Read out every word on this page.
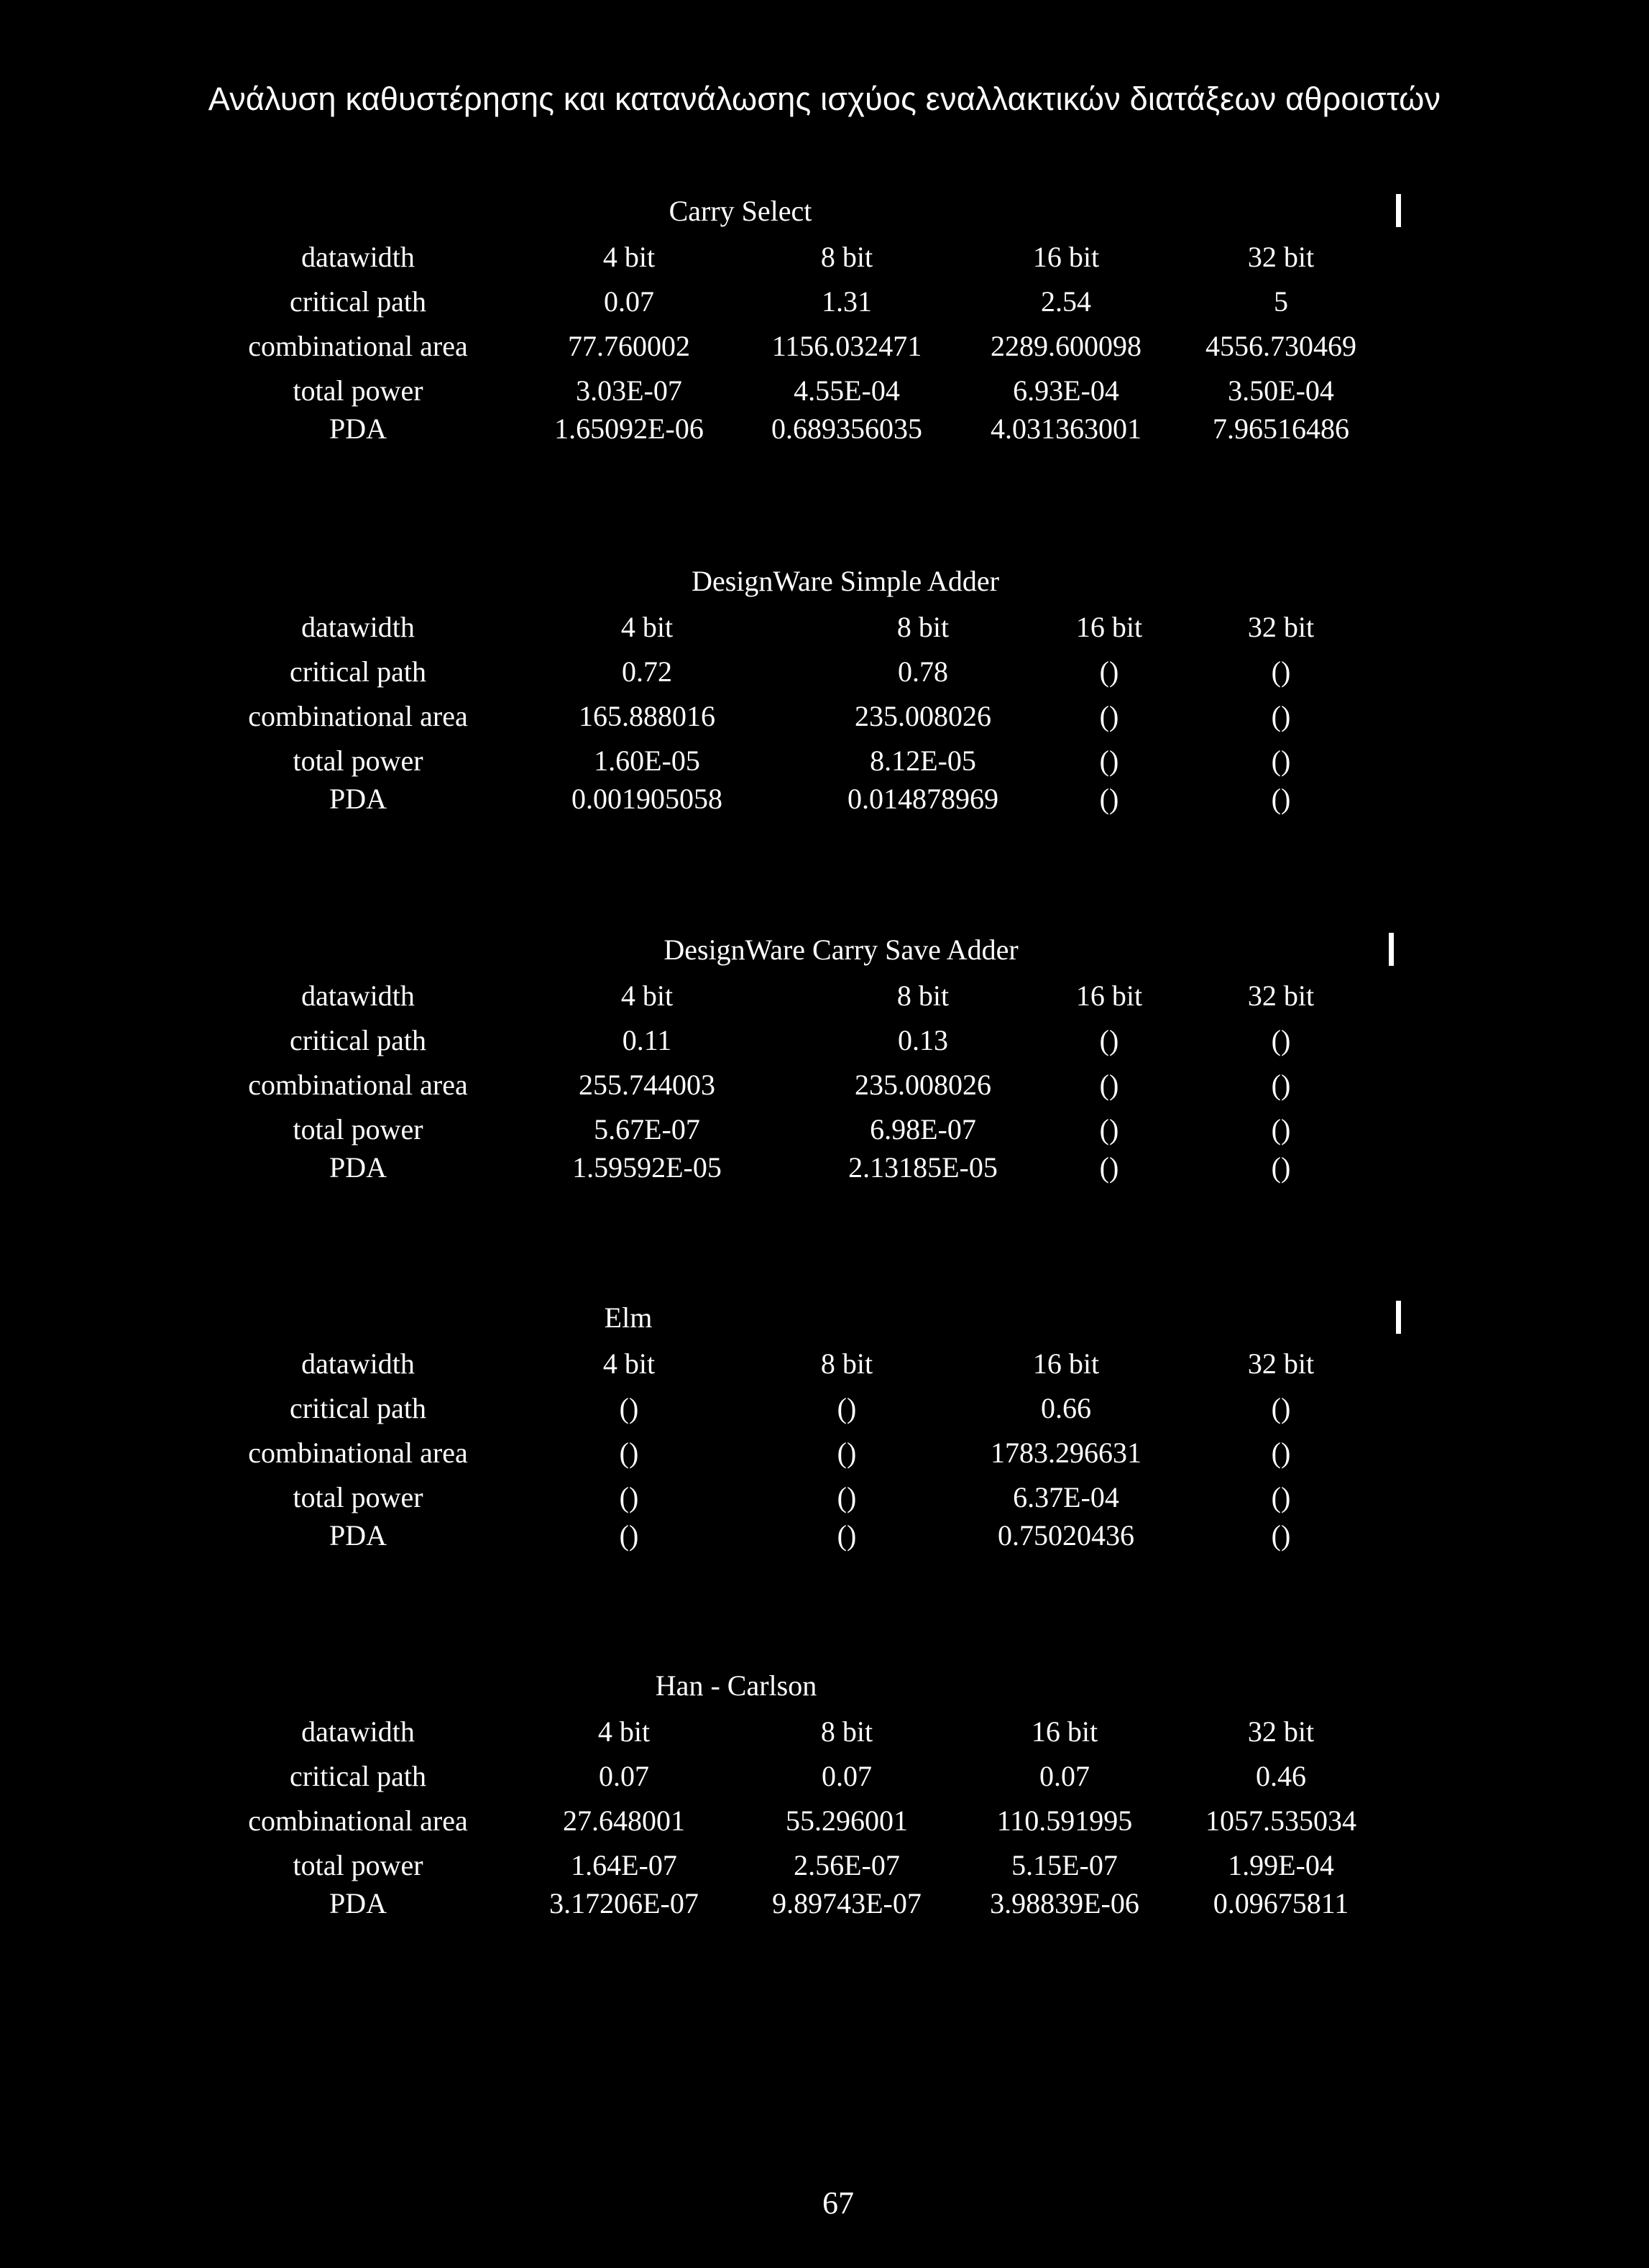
Ανάλυση καθυστέρησης και κατανάλωσης ισχύος εναλλακτικών διατάξεων αθροιστών
Carry Select
datawidth	4 bit	8 bit	16 bit	32 bit
critical path	0.07	1.31	2.54	5
combinational area	77.760002	1156.032471 2289.600098 4556.730469
total power	3.03E-07	4.55E-04	6.93E-04	3.50E-04
PDA	1.65092E-06 0.689356035 4.031363001 7.96516486
DesignWare Simple Adder
datawidth	4 bit	8 bit	16 bit	32 bit
critical path	0.72	0.78	()	()
combinational area	165.888016	235.008026	()	()
total power	1.60E-05	8.12E-05	()	()
PDA	0.001905058	0.014878969	()	()
DesignWare Carry Save Adder
datawidth	4 bit	8 bit	16 bit	32 bit
critical path	0.11	0.13	()	()
combinational area	255.744003	235.008026	()	()
total power	5.67E-07	6.98E-07	()	()
PDA	1.59592E-05	2.13185E-05	()	()
Elm
datawidth	4 bit	8 bit	16 bit	32 bit
critical path	()	()	0.66	()
combinational area	()	()	1783.296631	()
total power	()	()	6.37E-04	()
PDA	()	()	0.75020436	()
Han - Carlson
datawidth	4 bit	8 bit	16 bit	32 bit
critical path	0.07	0.07	0.07	0.46
combinational area	27.648001	55.296001	110.591995	1057.535034
total power	1.64E-07	2.56E-07	5.15E-07	1.99E-04
PDA	3.17206E-07	9.89743E-07 3.98839E-06	0.09675811
67
